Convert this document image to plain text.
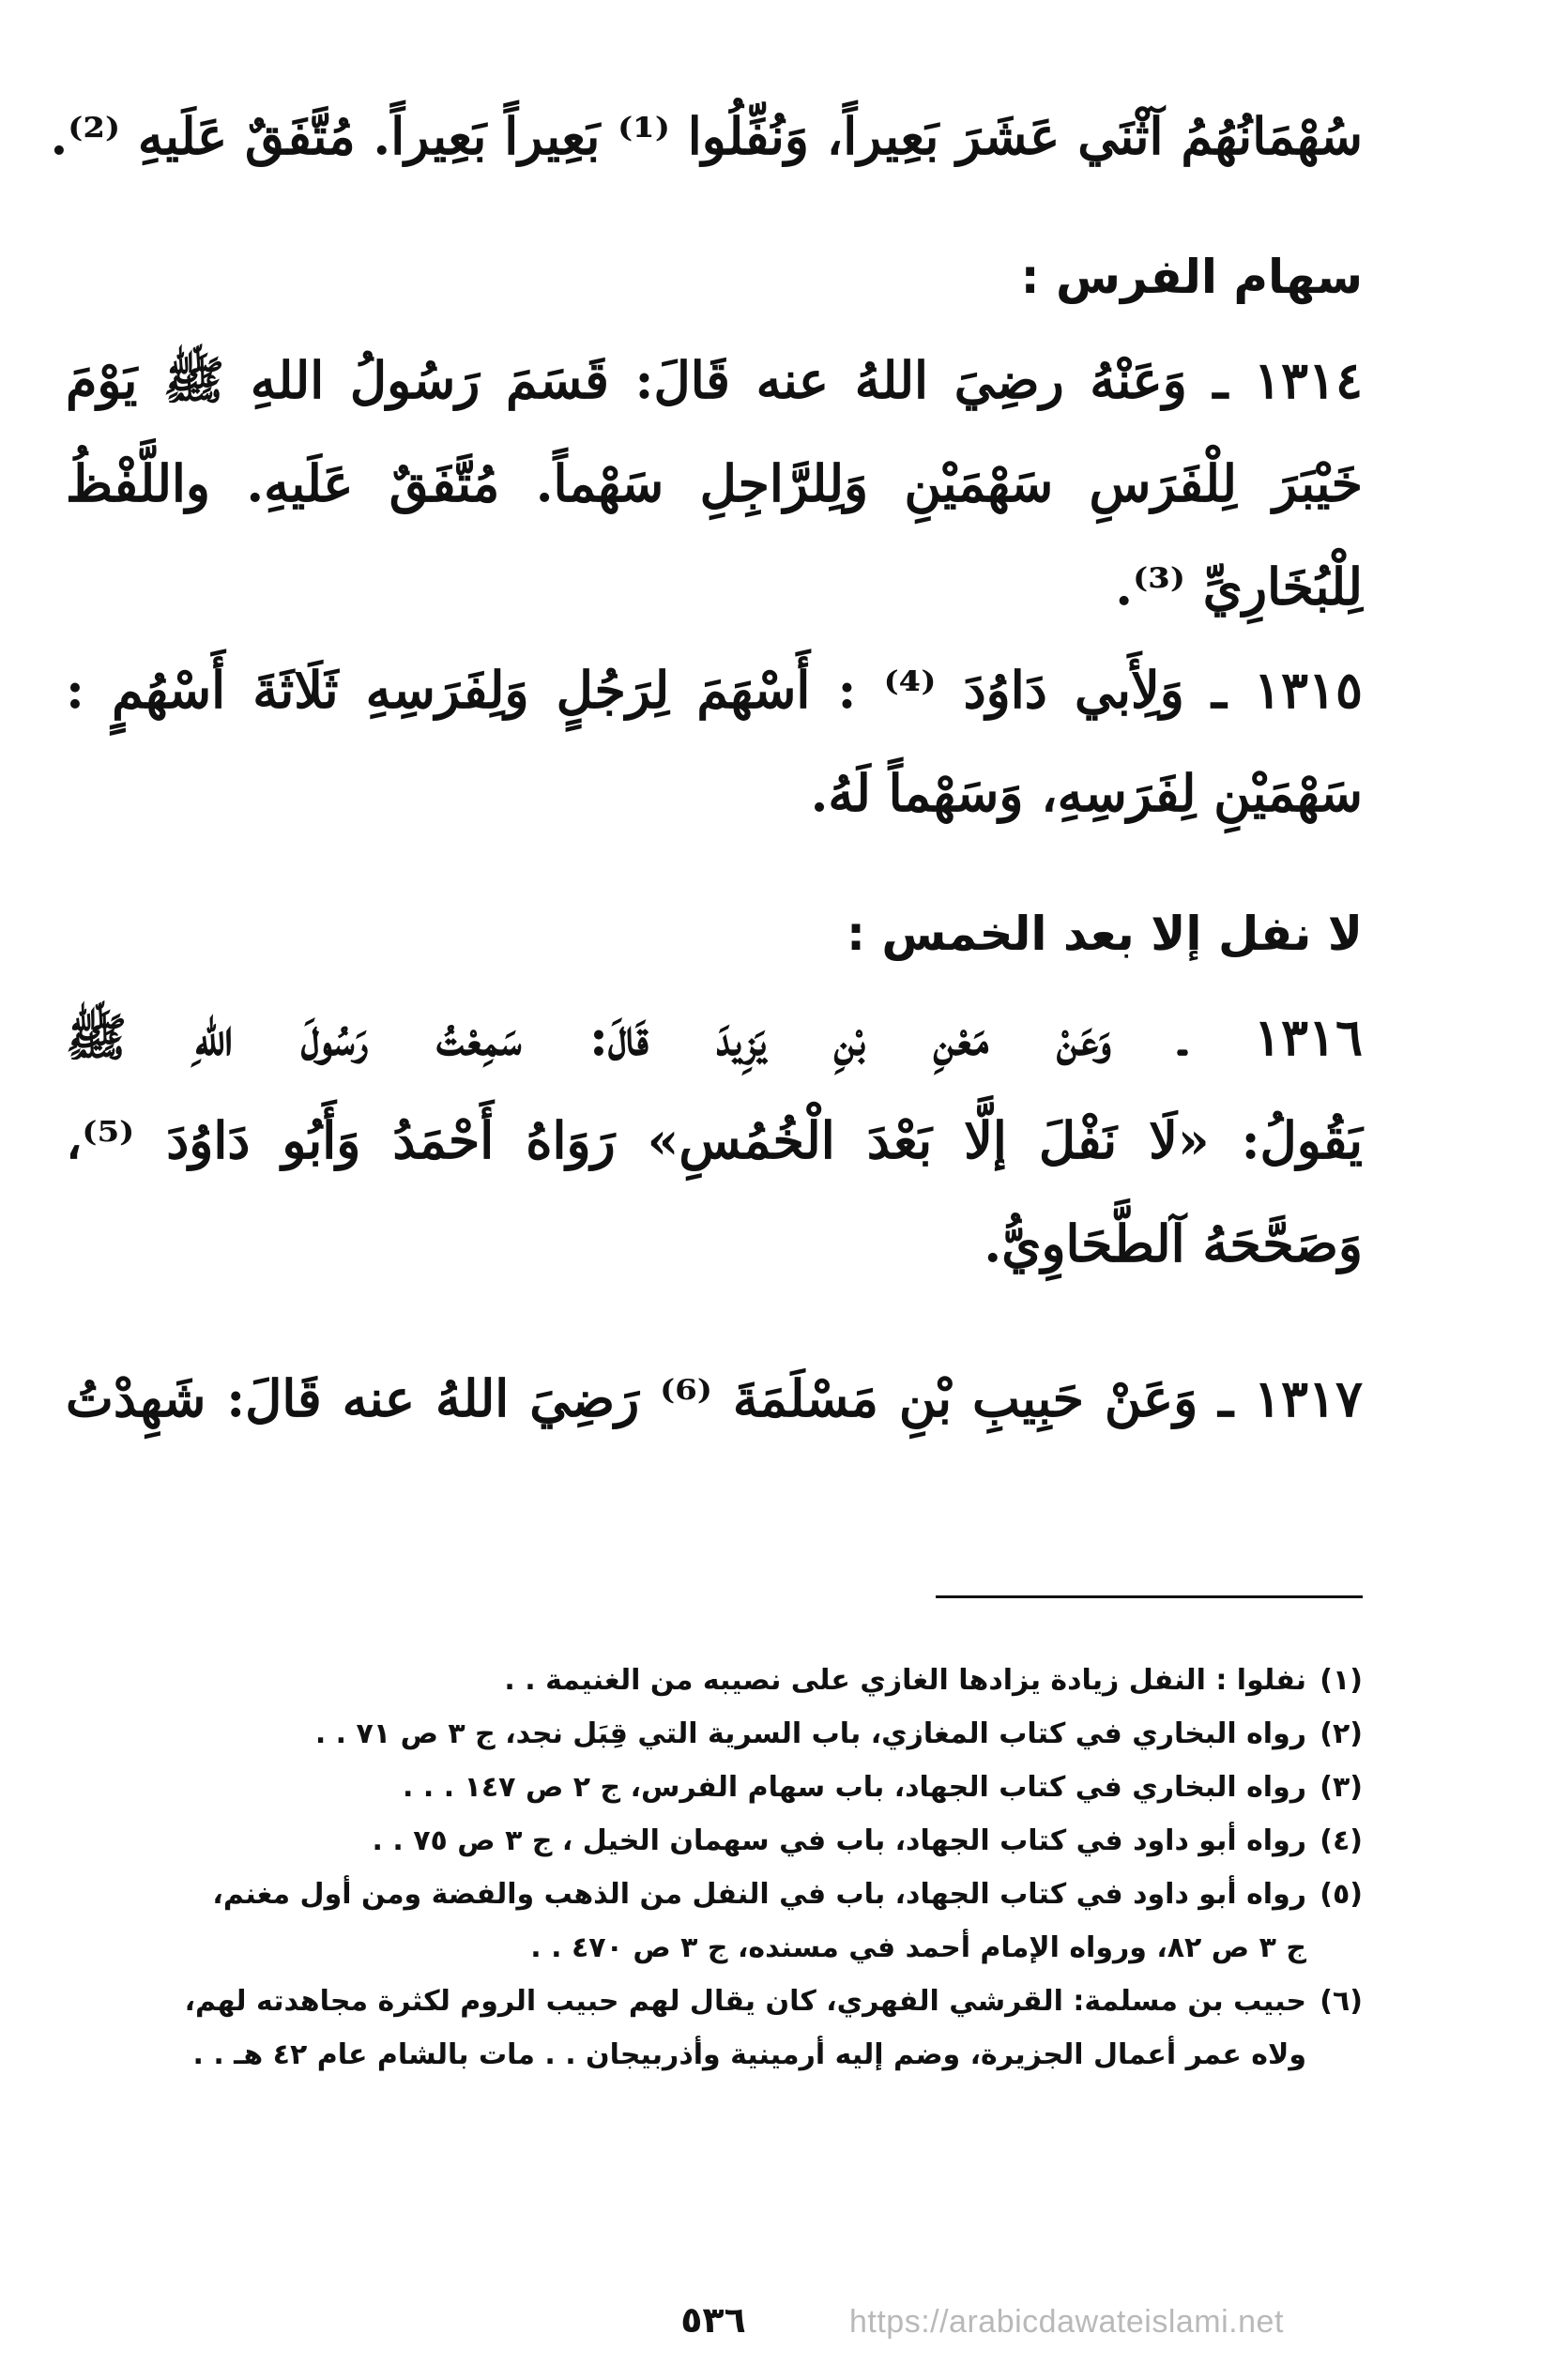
سُهْمَانُهُمُ آثْنَي عَشَرَ بَعِيراً، وَنُفِّلُوا ⁽¹⁾ بَعِيراً بَعِيراً. مُتَّفَقٌ عَلَيهِ ⁽²⁾.
سهام الفرس :
١٣١٤ ـ وَعَنْهُ رضِيَ اللهُ عنه قَالَ: قَسَمَ رَسُولُ اللهِ ﷺ يَوْمَ
خَيْبَرَ لِلْفَرَسِ سَهْمَيْنِ وَلِلرَّاجِلِ سَهْماً. مُتَّفَقٌ عَلَيهِ. واللَّفْظُ
لِلْبُخَارِيِّ ⁽³⁾.
١٣١٥ ـ وَلِأَبي دَاوُدَ ⁽⁴⁾ : أَسْهَمَ لِرَجُلٍ وَلِفَرَسِهِ ثَلَاثَةَ أَسْهُمٍ :
سَهْمَيْنِ لِفَرَسِهِ، وَسَهْماً لَهُ.
لا نفل إلا بعد الخمس :
١٣١٦ ـ وَعَنْ مَعْنِ بْنِ يَزِيدَ قَالَ: سَمِعْتُ رَسُولَ اللهِ ﷺ
يَقُولُ: «لَا نَفْلَ إلَّا بَعْدَ الْخُمُسِ» رَوَاهُ أَحْمَدُ وَأَبُو دَاوُدَ ⁽⁵⁾،
وَصَحَّحَهُ آلطَّحَاوِيُّ.
١٣١٧ ـ وَعَنْ حَبِيبِ بْنِ مَسْلَمَةَ ⁽⁶⁾ رَضِيَ اللهُ عنه قَالَ: شَهِدْتُ
(١)نفلوا : النفل زيادة يزادها الغازي على نصيبه من الغنيمة . .
(٢)رواه البخاري في كتاب المغازي، باب السرية التي قِبَل نجد، ج ٣ ص ٧١ . .
(٣)رواه البخاري في كتاب الجهاد، باب سهام الفرس، ج ٢ ص ١٤٧ . . .
(٤)رواه أبو داود في كتاب الجهاد، باب في سهمان الخيل ، ج ٣ ص ٧٥ . .
(٥)رواه أبو داود في كتاب الجهاد، باب في النفل من الذهب والفضة ومن أول مغنم،
ج ٣ ص ٨٢، ورواه الإمام أحمد في مسنده، ج ٣ ص ٤٧٠ . .
(٦)حبيب بن مسلمة: القرشي الفهري، كان يقال لهم حبيب الروم لكثرة مجاهدته لهم،
ولاه عمر أعمال الجزيرة، وضم إليه أرمينية وأذربيجان . . مات بالشام عام ٤٢ هـ . .
٥٣٦	https://arabicdawateislami.net
